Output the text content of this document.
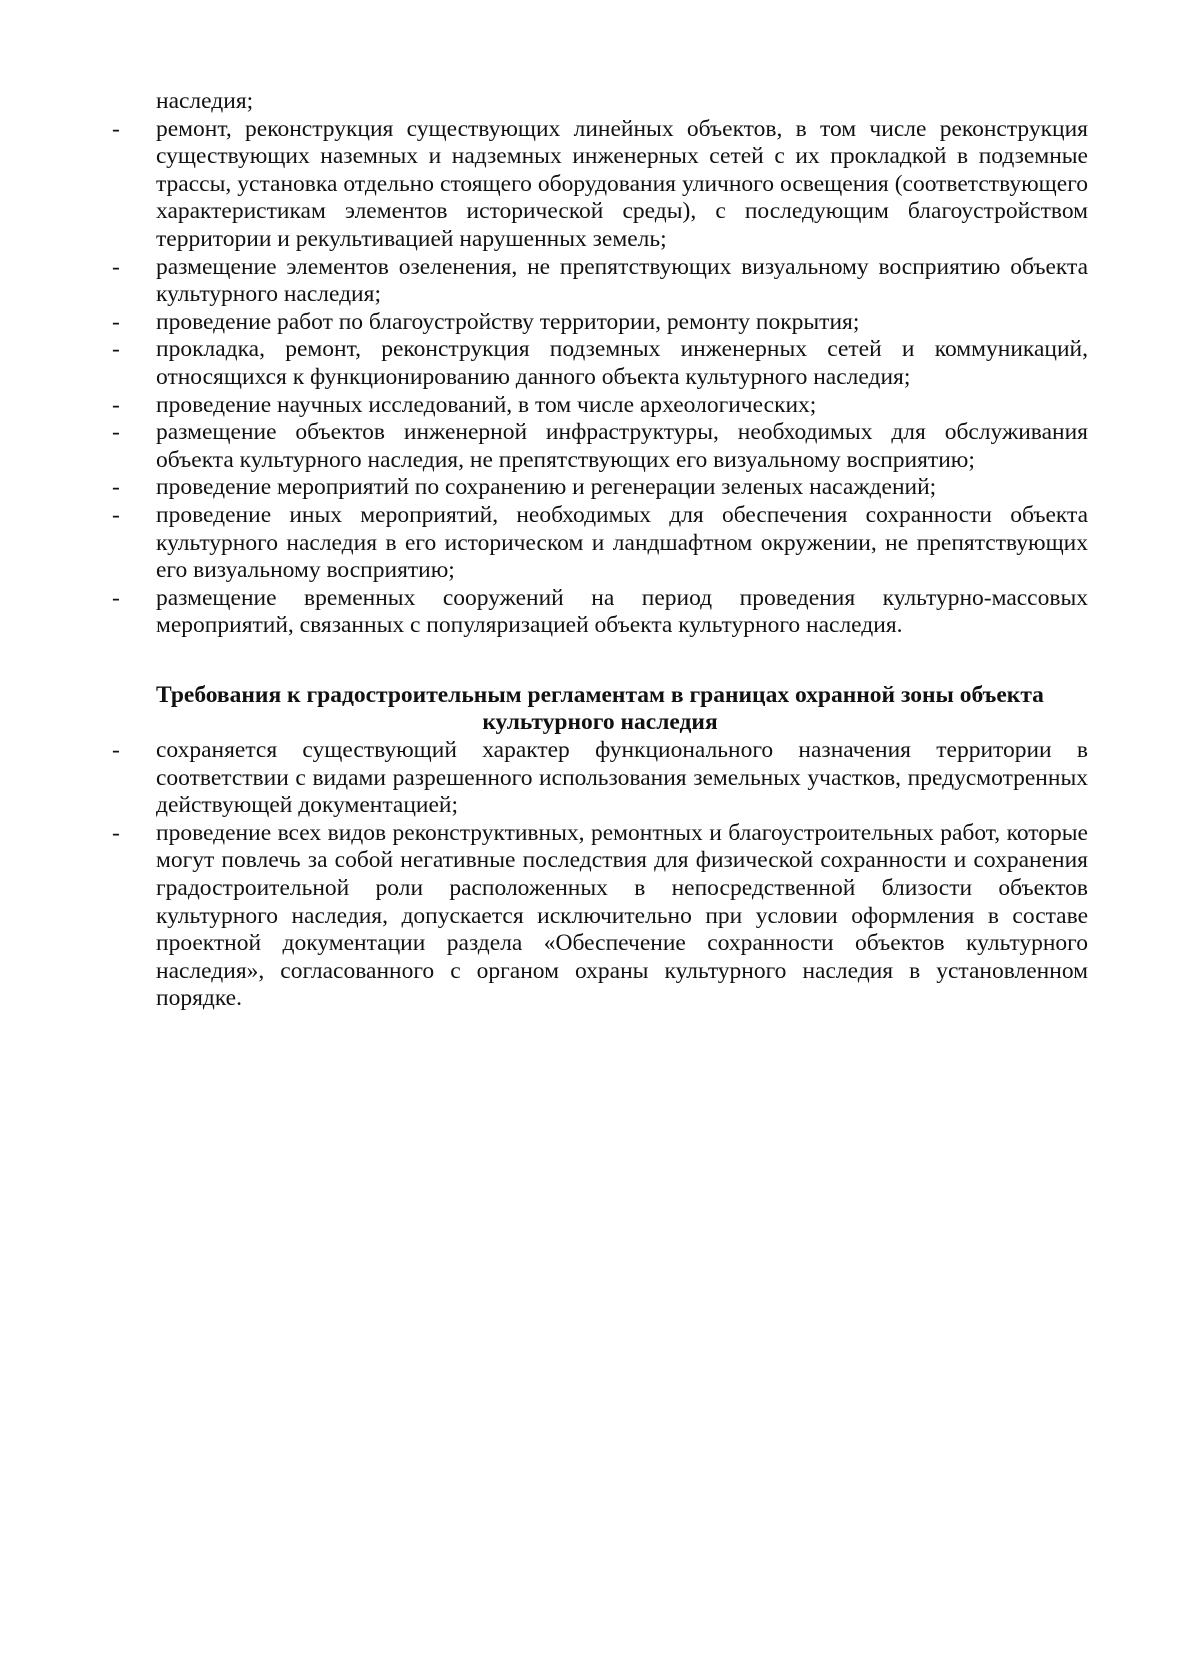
наследия;

-	ремонт, реконструкция существующих линейных объектов, в том числе реконструкция существующих наземных и надземных инженерных сетей с их прокладкой в подземные трассы, установка отдельно стоящего оборудования уличного освещения (соответствующего характеристикам элементов исторической среды), с последующим благоустройством территории и рекультивацией нарушенных земель;
-	размещение элементов озеленения, не препятствующих визуальному восприятию объекта культурного наследия;
-	проведение работ по благоустройству территории, ремонту покрытия;
-	прокладка, ремонт, реконструкция подземных инженерных сетей и коммуникаций, относящихся к функционированию данного объекта культурного наследия;
-	проведение научных исследований, в том числе археологических;
-	размещение объектов инженерной инфраструктуры, необходимых для обслуживания объекта культурного наследия, не препятствующих его визуальному восприятию;
-	проведение мероприятий по сохранению и регенерации зеленых насаждений;
-	проведение иных мероприятий, необходимых для обеспечения сохранности объекта культурного наследия в его историческом и ландшафтном окружении, не препятствующих его визуальному восприятию;
-	размещение временных сооружений на период проведения культурно-массовых мероприятий, связанных с популяризацией объекта культурного наследия.
Требования к градостроительным регламентам в границах охранной зоны объекта культурного наследия
-	сохраняется существующий характер функционального назначения территории в соответствии с видами разрешенного использования земельных участков, предусмотренных действующей документацией;
-	проведение всех видов реконструктивных, ремонтных и благоустроительных работ, которые могут повлечь за собой негативные последствия для физической сохранности и сохранения градостроительной роли расположенных в непосредственной близости объектов культурного наследия, допускается исключительно при условии оформления в составе проектной документации раздела «Обеспечение сохранности объектов культурного наследия», согласованного с органом охраны культурного наследия в установленном порядке.
